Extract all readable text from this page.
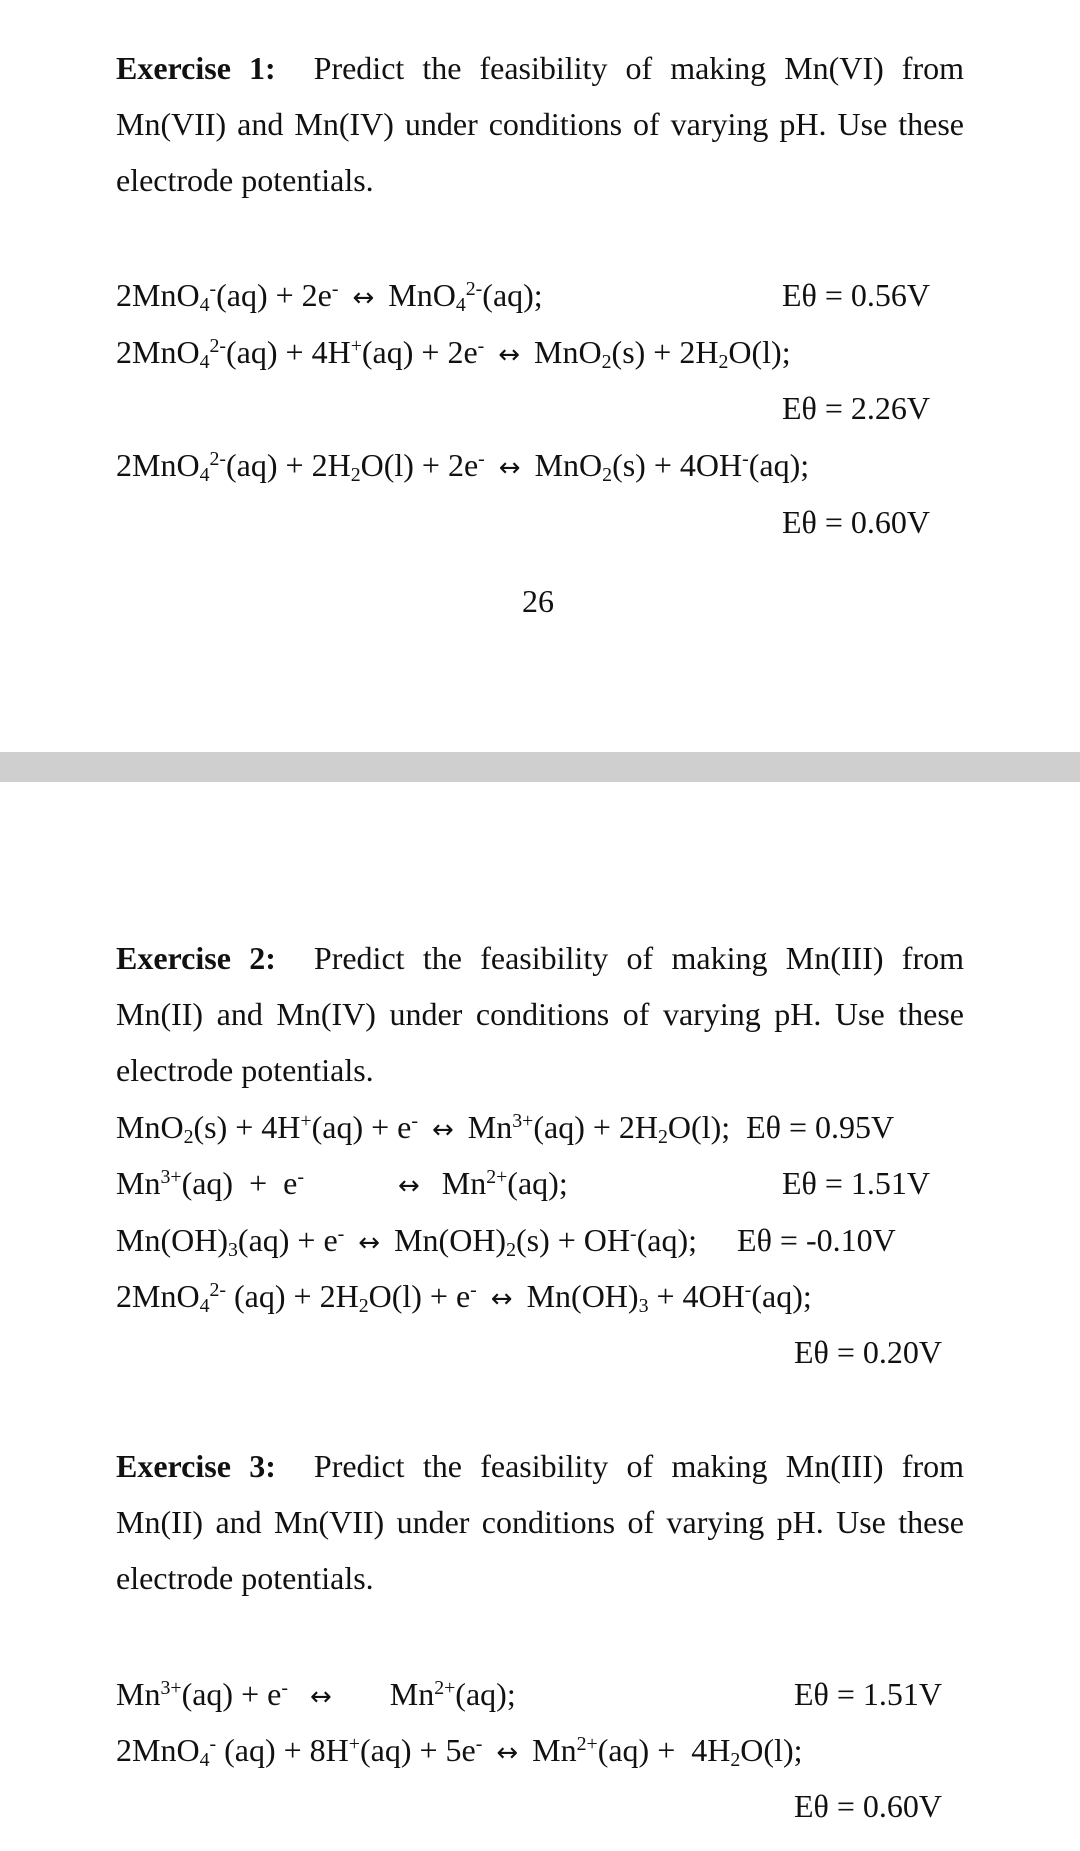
Exercise 1: Predict the feasibility of making Mn(VI) from
Mn(VII) and Mn(IV) under conditions of varying pH. Use these
electrode potentials.
2MnO$_4$-(aq) + 2e- ↔ MnO$_4^{2-}$(aq);	Eθ = 0.56V
2MnO$_4^{2-}$(aq) + 4H+(aq) + 2e- ↔ $MnO_2(s) + 2H_2O(l)$;
Eθ = 2.26V
$2MnO_4^{2-}(aq) + 2H_2O(l) + 2e^-$ ↔ MnO$_2$(s) + 4OH-(aq);
Eθ = 0.60V
26
Exercise 2: Predict the feasibility of making Mn(III) from
Mn(II) and Mn(IV) under conditions of varying pH. Use these
electrode potentials.
MnO$_2$(s) + 4H+(aq) + e- ↔ $Mn^{3+}(aq) + 2H_2O(l)$;  Eθ = 0.95V
$Mn^{3+}(aq) + e^-$	↔  $Mn^{2+}(aq)$;	Eθ = 1.51V
$Mn(OH)_3(aq) + e^-$ ↔ $Mn(OH)_2(s) + OH^-(aq)$;     Eθ = -0.10V
2MnO$_4^{2-}$ $(aq) + 2H_2O(l) + e^-$ ↔ $Mn(OH)_3 + 4OH^-(aq)$;
Eθ = 0.20V
Exercise 3: Predict the feasibility of making Mn(III) from
Mn(II) and Mn(VII) under conditions of varying pH. Use these
electrode potentials.
$Mn^{3+}(aq) + e^-$ ↔ $Mn^{2+}(aq)$;	Eθ = 1.51V
2MnO$_4$- (aq) + 8H+(aq) + 5e- ↔ $Mn^{2+}(aq) + 4H_2O(l)$;
Eθ = 0.60V
